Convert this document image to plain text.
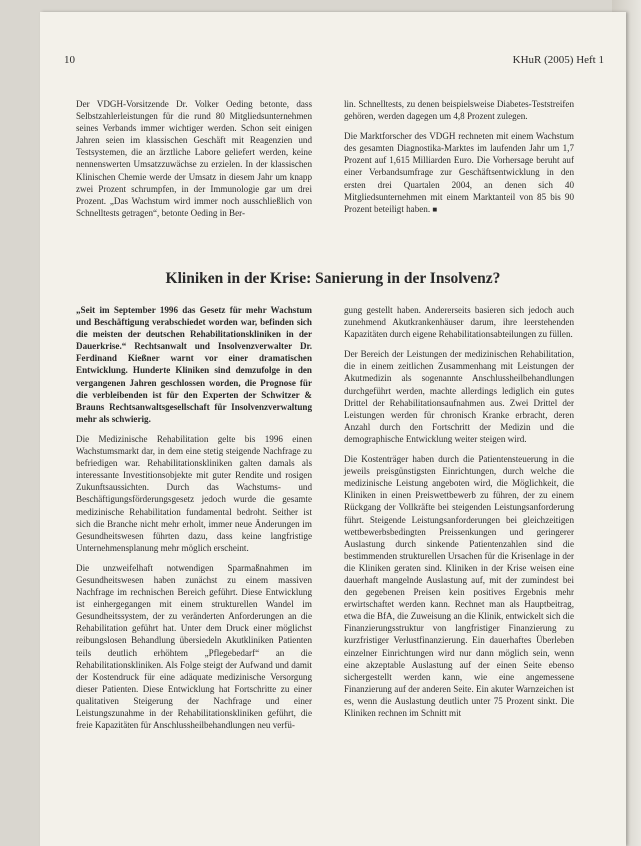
10	KHuR (2005) Heft 1

Der VDGH-Vorsitzende Dr. Volker Oeding betonte, dass Selbstzahlerleistungen für die rund 80 Mitgliedsunternehmen seines Verbands immer wichtiger werden. Schon seit einigen Jahren seien im klassischen Geschäft mit Reagenzien und Testsystemen, die an ärztliche Labore geliefert werden, keine nennenswerten Umsatzzuwächse zu erzielen. In der klassischen Klinischen Chemie werde der Umsatz in diesem Jahr um knapp zwei Prozent schrumpfen, in der Immunologie gar um drei Prozent. „Das Wachstum wird immer noch ausschließlich von Schnelltests getragen“, betonte Oeding in Ber-

lin. Schnelltests, zu denen beispielsweise Diabetes-Teststreifen gehören, werden dagegen um 4,8 Prozent zulegen.

Die Marktforscher des VDGH rechneten mit einem Wachstum des gesamten Diagnostika-Marktes im laufenden Jahr um 1,7 Prozent auf 1,615 Milliarden Euro. Die Vorhersage beruht auf einer Verbandsumfrage zur Geschäftsentwicklung in den ersten drei Quartalen 2004, an denen sich 40 Mitgliedsunternehmen mit einem Marktanteil von 85 bis 90 Prozent beteiligt haben. ■

Kliniken in der Krise: Sanierung in der Insolvenz?

„Seit im September 1996 das Gesetz für mehr Wachstum und Beschäftigung verabschiedet worden war, befinden sich die meisten der deutschen Rehabilitationskliniken in der Dauerkrise.“ Rechtsanwalt und Insolvenzverwalter Dr. Ferdinand Kießner warnt vor einer dramatischen Entwicklung. Hunderte Kliniken sind demzufolge in den vergangenen Jahren geschlossen worden, die Prognose für die verbleibenden ist für den Experten der Schwitzer & Brauns Rechtsanwaltsgesellschaft für Insolvenzverwaltung mehr als schwierig.

Die Medizinische Rehabilitation gelte bis 1996 einen Wachstumsmarkt dar, in dem eine stetig steigende Nachfrage zu befriedigen war. Rehabilitationskliniken galten damals als interessante Investitionsobjekte mit guter Rendite und rosigen Zukunftsaussichten. Durch das Wachstums- und Beschäftigungsförderungsgesetz jedoch wurde die gesamte medizinische Rehabilitation fundamental bedroht. Seither ist sich die Branche nicht mehr erholt, immer neue Änderungen im Gesundheitswesen führten dazu, dass keine langfristige Unternehmensplanung mehr möglich erscheint.

Die unzweifelhaft notwendigen Sparmaßnahmen im Gesundheitswesen haben zunächst zu einem massiven Nachfrage im rechnischen Bereich geführt. Diese Entwicklung ist einhergegangen mit einem strukturellen Wandel im Gesundheitssystem, der zu veränderten Anforderungen an die Rehabilitation geführt hat. Unter dem Druck einer möglichst reibungslosen Behandlung übersiedeln Akutkliniken Patienten teils deutlich erhöhtem „Pflegebedarf“ an die Rehabilitationskliniken. Als Folge steigt der Aufwand und damit der Kostendruck für eine adäquate medizinische Versorgung dieser Patienten. Diese Entwicklung hat Fortschritte zu einer qualitativen Steigerung der Nachfrage und einer Leistungszunahme in der Rehabilitationskliniken geführt, die freie Kapazitäten für Anschlussheilbehandlungen neu verfü-

gung gestellt haben. Andererseits basieren sich jedoch auch zunehmend Akutkrankenhäuser darum, ihre leerstehenden Kapazitäten durch eigene Rehabilitationsabteilungen zu füllen.

Der Bereich der Leistungen der medizinischen Rehabilitation, die in einem zeitlichen Zusammenhang mit Leistungen der Akutmedizin als sogenannte Anschlussheilbehandlungen durchgeführt werden, machte allerdings lediglich ein gutes Drittel der Rehabilitationsaufnahmen aus. Zwei Drittel der Leistungen werden für chronisch Kranke erbracht, deren Anzahl durch den Fortschritt der Medizin und die demographische Entwicklung weiter steigen wird.

Die Kostenträger haben durch die Patientensteuerung in die jeweils preisgünstigsten Einrichtungen, durch welche die medizinische Leistung angeboten wird, die Möglichkeit, die Kliniken in einen Preiswettbewerb zu führen, der zu einem Rückgang der Vollkräfte bei steigenden Leistungsanforderung führt. Steigende Leistungsanforderungen bei gleichzeitigen wettbewerbsbedingten Preissenkungen und geringerer Auslastung durch sinkende Patientenzahlen sind die bestimmenden strukturellen Ursachen für die Krisenlage in der die Kliniken geraten sind. Kliniken in der Krise weisen eine dauerhaft mangelnde Auslastung auf, mit der zumindest bei den gegebenen Preisen kein positives Ergebnis mehr erwirtschaftet werden kann. Rechnet man als Hauptbeitrag, etwa die BfA, die Zuweisung an die Klinik, entwickelt sich die Finanzierungsstruktur von langfristiger Finanzierung zu kurzfristiger Verlustfinanzierung. Ein dauerhaftes Überleben einzelner Einrichtungen wird nur dann möglich sein, wenn eine akzeptable Auslastung auf der einen Seite ebenso sichergestellt werden kann, wie eine angemessene Finanzierung auf der anderen Seite. Ein akuter Warnzeichen ist es, wenn die Auslastung deutlich unter 75 Prozent sinkt. Die Kliniken rechnen im Schnitt mit
